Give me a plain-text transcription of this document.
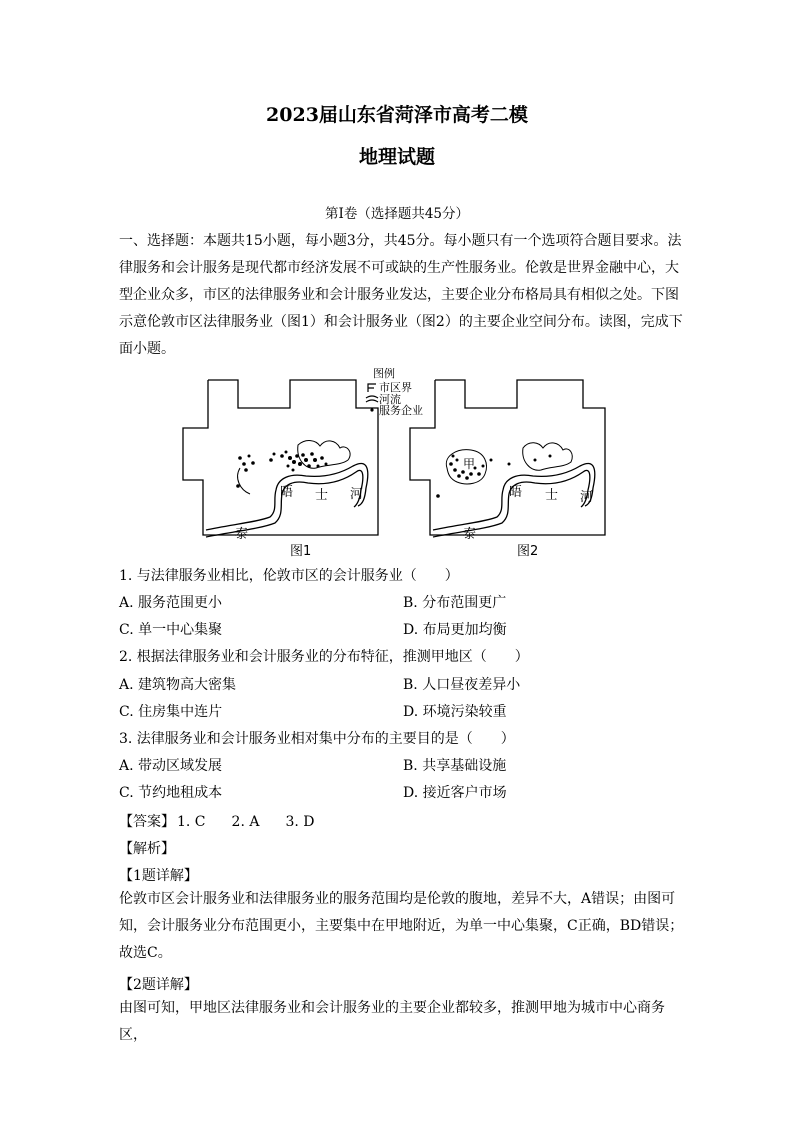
2023届山东省菏泽市高考二模
地理试题
第Ⅰ卷（选择题共45分）

一、选择题：本题共15小题，每小题3分，共45分。每小题只有一个选项符合题目要求。法律服务和会计服务是现代都市经济发展不可或缺的生产性服务业。伦敦是世界金融中心，大型企业众多，市区的法律服务业和会计服务业发达，主要企业分布格局具有相似之处。下图示意伦敦市区法律服务业（图1）和会计服务业（图2）的主要企业空间分布。读图，完成下面小题。

晤 士 河
泰
图1
图例
市区界
河流
服务企业
甲
晤 士 河
泰
图2
1. 与法律服务业相比，伦敦市区的会计服务业（　　）
A. 服务范围更小	B. 分布范围更广
C. 单一中心集聚	D. 布局更加均衡
2. 根据法律服务业和会计服务业的分布特征，推测甲地区（　　）
A. 建筑物高大密集	B. 人口昼夜差异小
C. 住房集中连片	D. 环境污染较重
3. 法律服务业和会计服务业相对集中分布的主要目的是（　　）
A. 带动区域发展	B. 共享基础设施
C. 节约地租成本	D. 接近客户市场
【答案】 1. C 2. A 3. D
【解析】
【1题详解】

伦敦市区会计服务业和法律服务业的服务范围均是伦敦的腹地，差异不大，A错误；由图可知，会计服务业分布范围更小，主要集中在甲地附近，为单一中心集聚，C正确，BD错误；故选C。

【2题详解】

由图可知，甲地区法律服务业和会计服务业的主要企业都较多，推测甲地为城市中心商务区，
